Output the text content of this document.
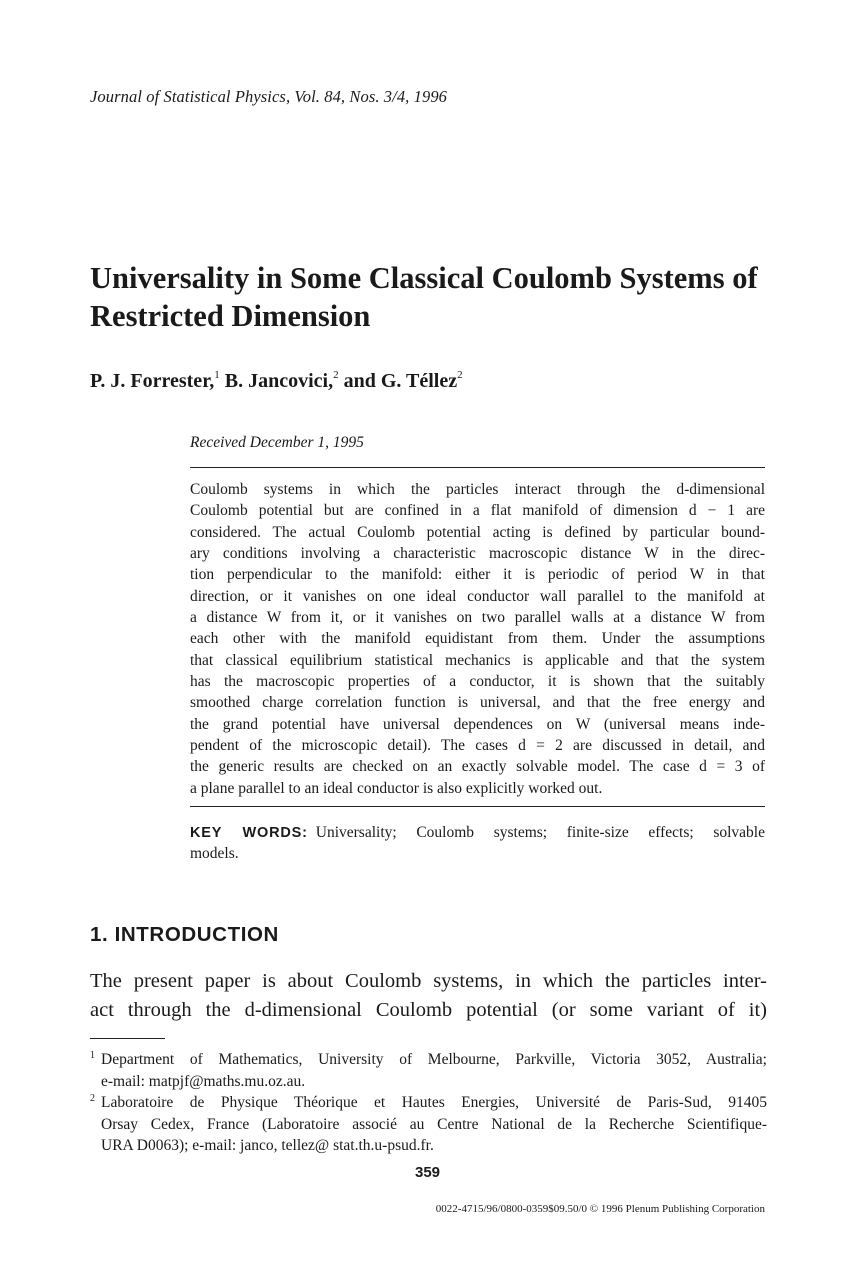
Journal of Statistical Physics, Vol. 84, Nos. 3/4, 1996
Universality in Some Classical Coulomb Systems of
Restricted Dimension
P. J. Forrester,$^1$ B. Jancovici,$^2$ and G. Téllez$^2$
Received December 1, 1995
Coulomb systems in which the particles interact through the d-dimensional
Coulomb potential but are confined in a flat manifold of dimension d − 1 are
considered. The actual Coulomb potential acting is defined by particular bound-
ary conditions involving a characteristic macroscopic distance W in the direc-
tion perpendicular to the manifold: either it is periodic of period W in that
direction, or it vanishes on one ideal conductor wall parallel to the manifold at
a distance W from it, or it vanishes on two parallel walls at a distance W from
each other with the manifold equidistant from them. Under the assumptions
that classical equilibrium statistical mechanics is applicable and that the system
has the macroscopic properties of a conductor, it is shown that the suitably
smoothed charge correlation function is universal, and that the free energy and
the grand potential have universal dependences on W (universal means inde-
pendent of the microscopic detail). The cases d = 2 are discussed in detail, and
the generic results are checked on an exactly solvable model. The case d = 3 of
a plane parallel to an ideal conductor is also explicitly worked out.
KEY WORDS: Universality; Coulomb systems; finite-size effects; solvable
models.
1. INTRODUCTION
The present paper is about Coulomb systems, in which the particles inter-
act through the d-dimensional Coulomb potential (or some variant of it)
1 Department of Mathematics, University of Melbourne, Parkville, Victoria 3052, Australia;
e-mail: matpjf@maths.mu.oz.au.
2 Laboratoire de Physique Théorique et Hautes Energies, Université de Paris-Sud, 91405
Orsay Cedex, France (Laboratoire associé au Centre National de la Recherche Scientifique-
URA D0063); e-mail: janco, tellez@ stat.th.u-psud.fr.
359
0022-4715/96/0800-0359$09.50/0 © 1996 Plenum Publishing Corporation
